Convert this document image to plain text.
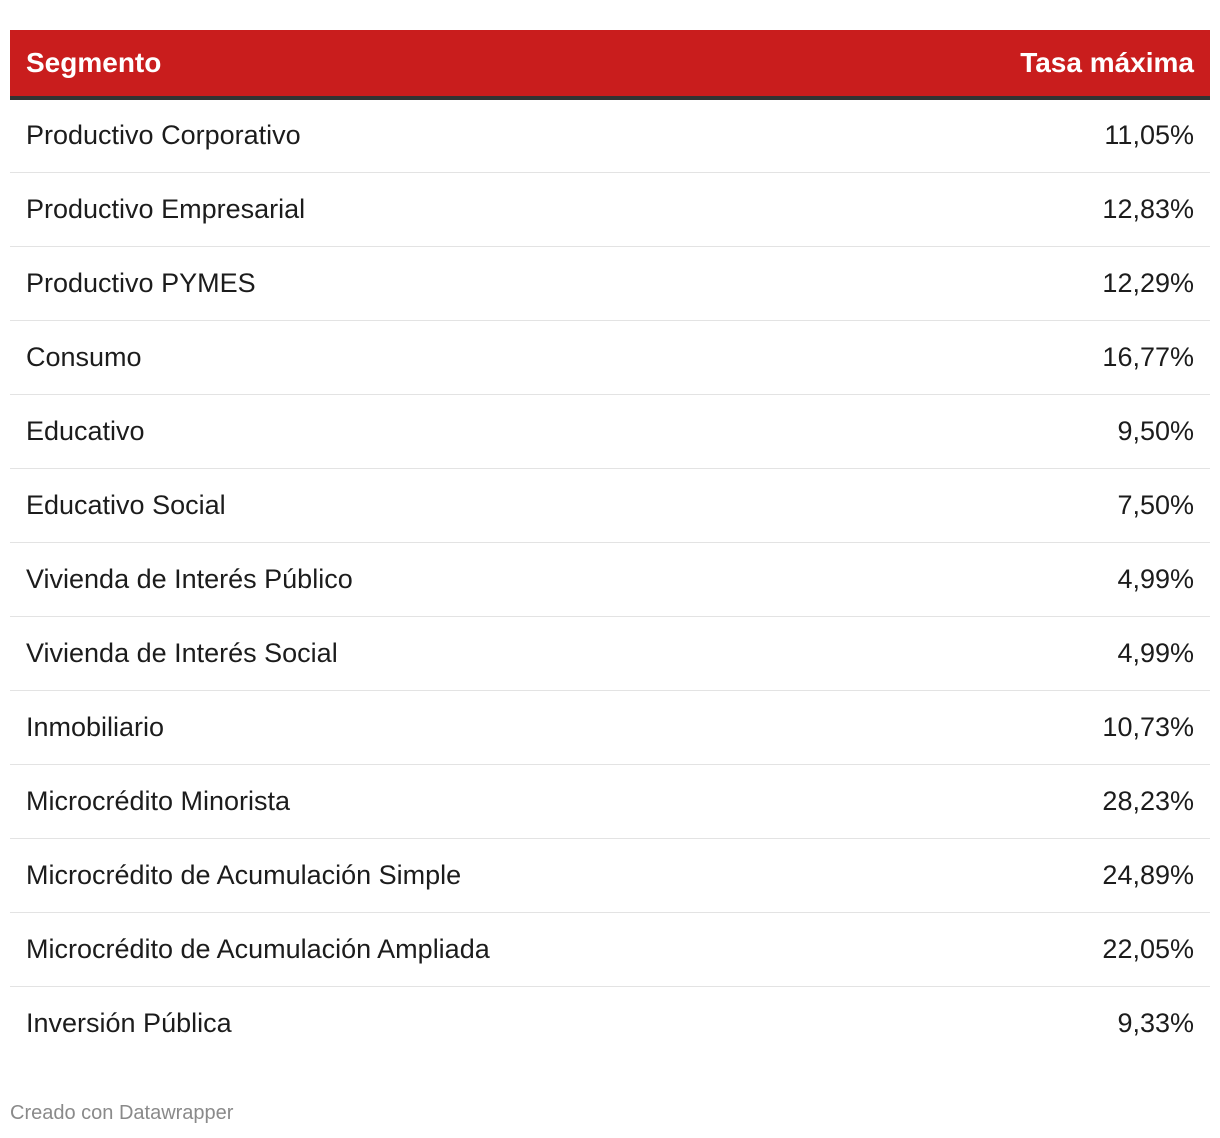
Segmento	Tasa máxima
Productivo Corporativo	11,05%
Productivo Empresarial	12,83%
Productivo PYMES	12,29%
Consumo	16,77%
Educativo	9,50%
Educativo Social	7,50%
Vivienda de Interés Público	4,99%
Vivienda de Interés Social	4,99%
Inmobiliario	10,73%
Microcrédito Minorista	28,23%
Microcrédito de Acumulación Simple	24,89%
Microcrédito de Acumulación Ampliada	22,05%
Inversión Pública	9,33%
Creado con Datawrapper
